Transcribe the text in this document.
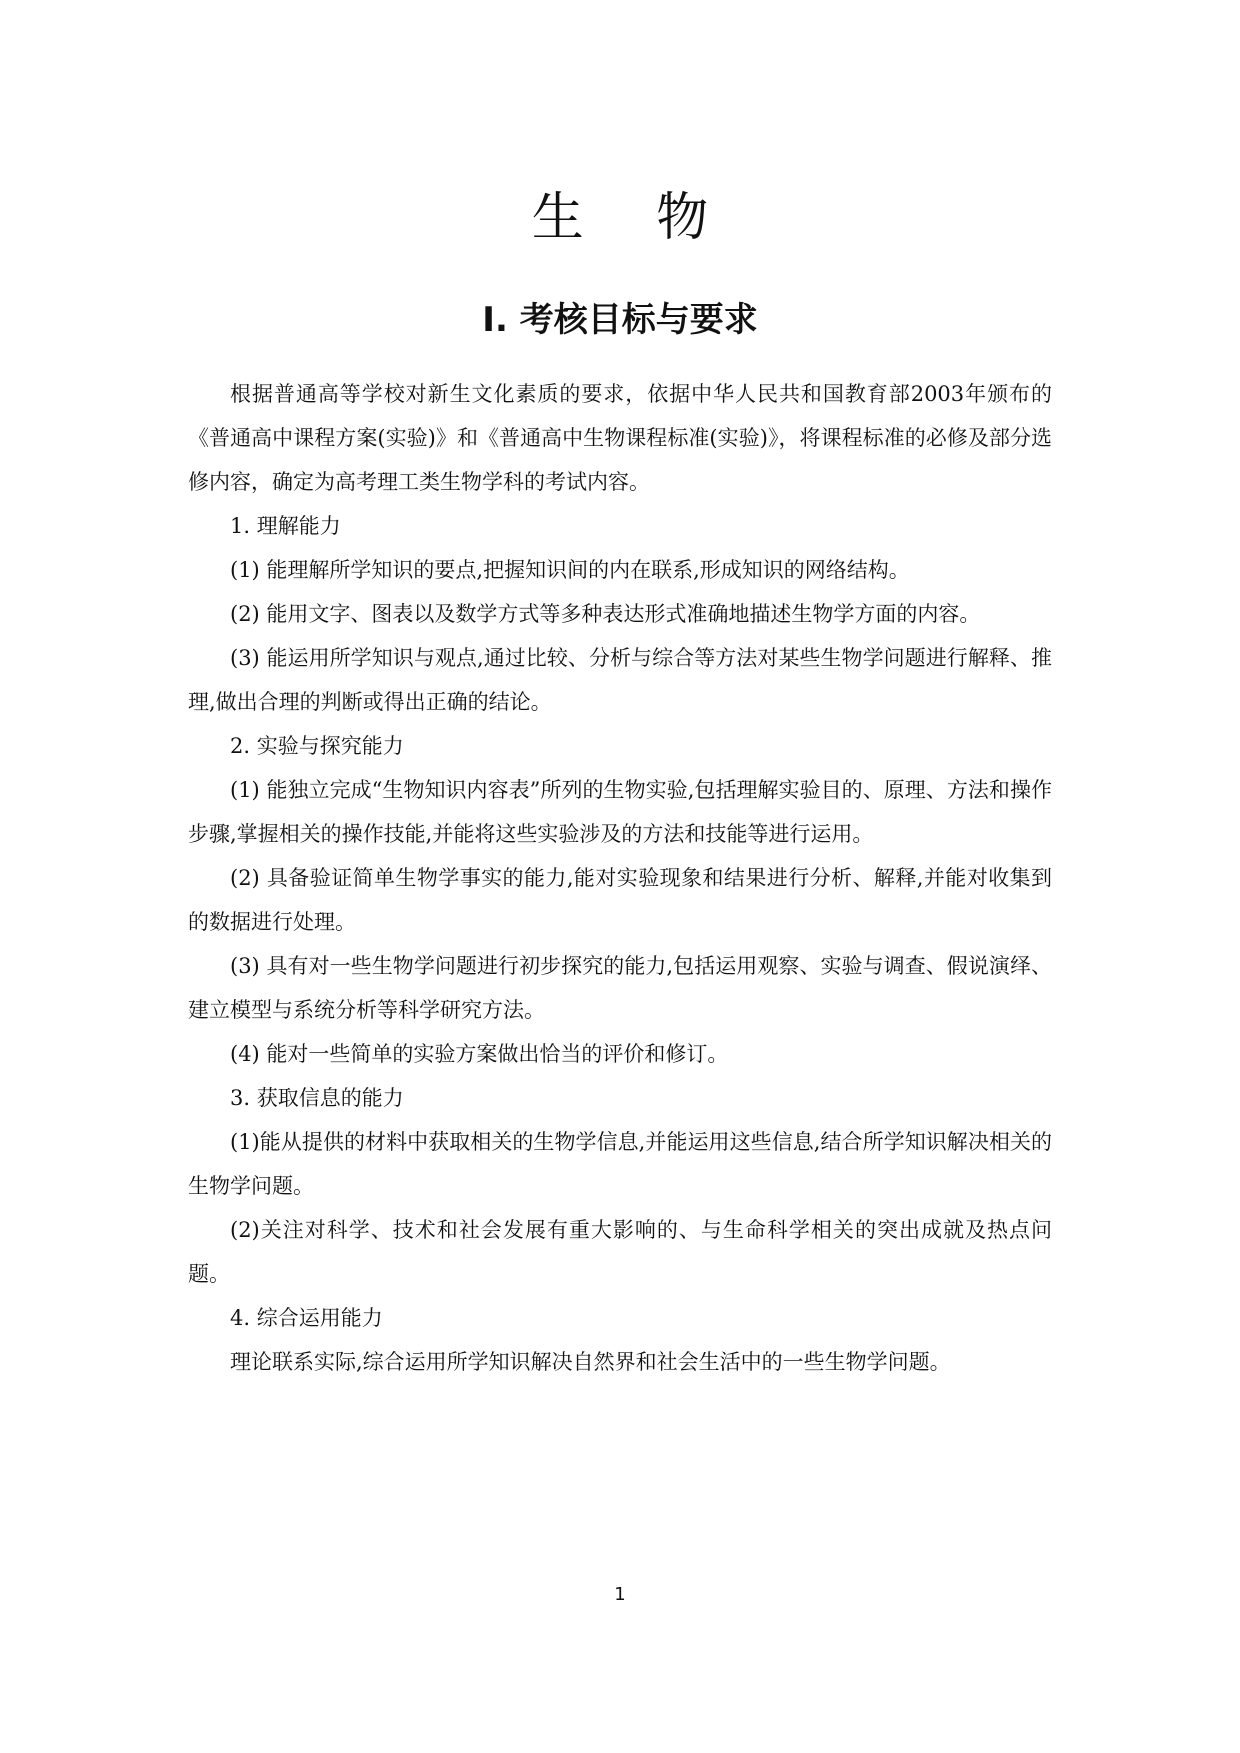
生 物
Ⅰ. 考核目标与要求

根据普通高等学校对新生文化素质的要求，依据中华人民共和国教育部2003年颁布的《普通高中课程方案(实验)》和《普通高中生物课程标准(实验)》，将课程标准的必修及部分选修内容，确定为高考理工类生物学科的考试内容。

1. 理解能力

(1) 能理解所学知识的要点,把握知识间的内在联系,形成知识的网络结构。

(2) 能用文字、图表以及数学方式等多种表达形式准确地描述生物学方面的内容。

(3) 能运用所学知识与观点,通过比较、分析与综合等方法对某些生物学问题进行解释、推理,做出合理的判断或得出正确的结论。

2. 实验与探究能力

(1) 能独立完成“生物知识内容表”所列的生物实验,包括理解实验目的、原理、方法和操作步骤,掌握相关的操作技能,并能将这些实验涉及的方法和技能等进行运用。

(2) 具备验证简单生物学事实的能力,能对实验现象和结果进行分析、解释,并能对收集到的数据进行处理。

(3) 具有对一些生物学问题进行初步探究的能力,包括运用观察、实验与调查、假说演绎、建立模型与系统分析等科学研究方法。

(4) 能对一些简单的实验方案做出恰当的评价和修订。

3. 获取信息的能力

(1)能从提供的材料中获取相关的生物学信息,并能运用这些信息,结合所学知识解决相关的生物学问题。

(2)关注对科学、技术和社会发展有重大影响的、与生命科学相关的突出成就及热点问题。

4. 综合运用能力

理论联系实际,综合运用所学知识解决自然界和社会生活中的一些生物学问题。

1
